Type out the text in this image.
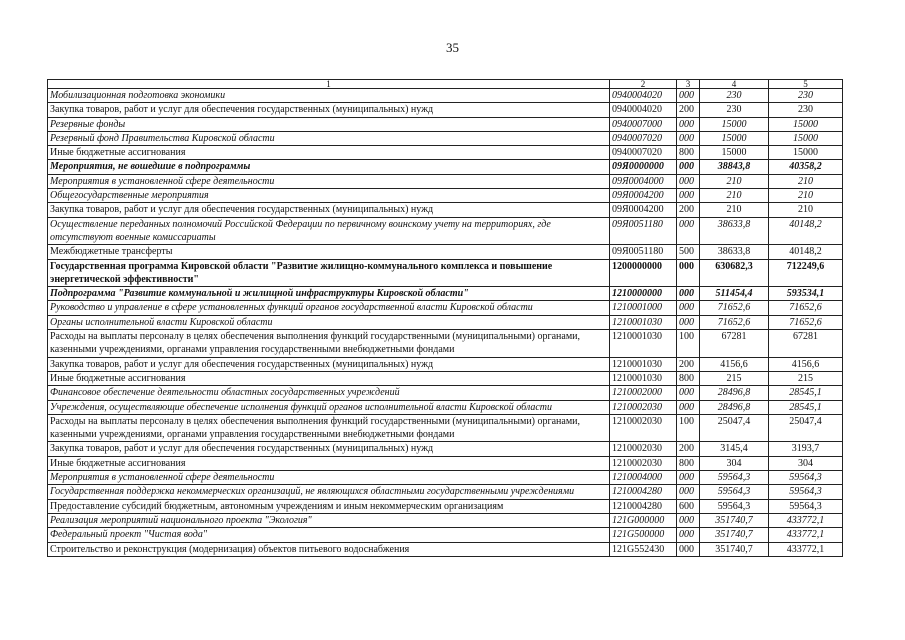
35
1	2	3	4	5
Мобилизационная подготовка экономики	0940004020	000	230	230
Закупка товаров, работ и услуг для обеспечения государственных (муниципальных) нужд	0940004020	200	230	230
Резервные фонды	0940007000	000	15000	15000
Резервный фонд Правительства Кировской области	0940007020	000	15000	15000
Иные бюджетные ассигнования	0940007020	800	15000	15000
Мероприятия, не вошедшие в подпрограммы	09Я0000000	000	38843,8	40358,2
Мероприятия в установленной сфере деятельности	09Я0004000	000	210	210
Общегосударственные мероприятия	09Я0004200	000	210	210
Закупка товаров, работ и услуг для обеспечения государственных (муниципальных) нужд	09Я0004200	200	210	210
Осуществление переданных полномочий Российской Федерации по первичному воинскому учету на территориях, где отсутствуют военные комиссариаты	09Я0051180	000	38633,8	40148,2
Межбюджетные трансферты	09Я0051180	500	38633,8	40148,2
Государственная программа Кировской области "Развитие жилищно-коммунального комплекса и повышение энергетической эффективности"	1200000000	000	630682,3	712249,6
Подпрограмма "Развитие коммунальной и жилищной инфраструктуры Кировской области"	1210000000	000	511454,4	593534,1
Руководство и управление в сфере установленных функций органов государственной власти Кировской области	1210001000	000	71652,6	71652,6
Органы исполнительной власти Кировской области	1210001030	000	71652,6	71652,6
Расходы на выплаты персоналу в целях обеспечения выполнения функций государственными (муниципальными) органами, казенными учреждениями, органами управления государственными внебюджетными фондами	1210001030	100	67281	67281
Закупка товаров, работ и услуг для обеспечения государственных (муниципальных) нужд	1210001030	200	4156,6	4156,6
Иные бюджетные ассигнования	1210001030	800	215	215
Финансовое обеспечение деятельности областных государственных учреждений	1210002000	000	28496,8	28545,1
Учреждения, осуществляющие обеспечение исполнения функций органов исполнительной власти Кировской области	1210002030	000	28496,8	28545,1
Расходы на выплаты персоналу в целях обеспечения выполнения функций государственными (муниципальными) органами, казенными учреждениями, органами управления государственными внебюджетными фондами	1210002030	100	25047,4	25047,4
Закупка товаров, работ и услуг для обеспечения государственных (муниципальных) нужд	1210002030	200	3145,4	3193,7
Иные бюджетные ассигнования	1210002030	800	304	304
Мероприятия в установленной сфере деятельности	1210004000	000	59564,3	59564,3
Государственная поддержка некоммерческих организаций, не являющихся областными государственными учреждениями	1210004280	000	59564,3	59564,3
Предоставление субсидий бюджетным, автономным учреждениям и иным некоммерческим организациям	1210004280	600	59564,3	59564,3
Реализация мероприятий национального проекта "Экология"	121G000000	000	351740,7	433772,1
Федеральный проект "Чистая вода"	121G500000	000	351740,7	433772,1
Строительство и реконструкция (модернизация) объектов питьевого водоснабжения	121G552430	000	351740,7	433772,1
